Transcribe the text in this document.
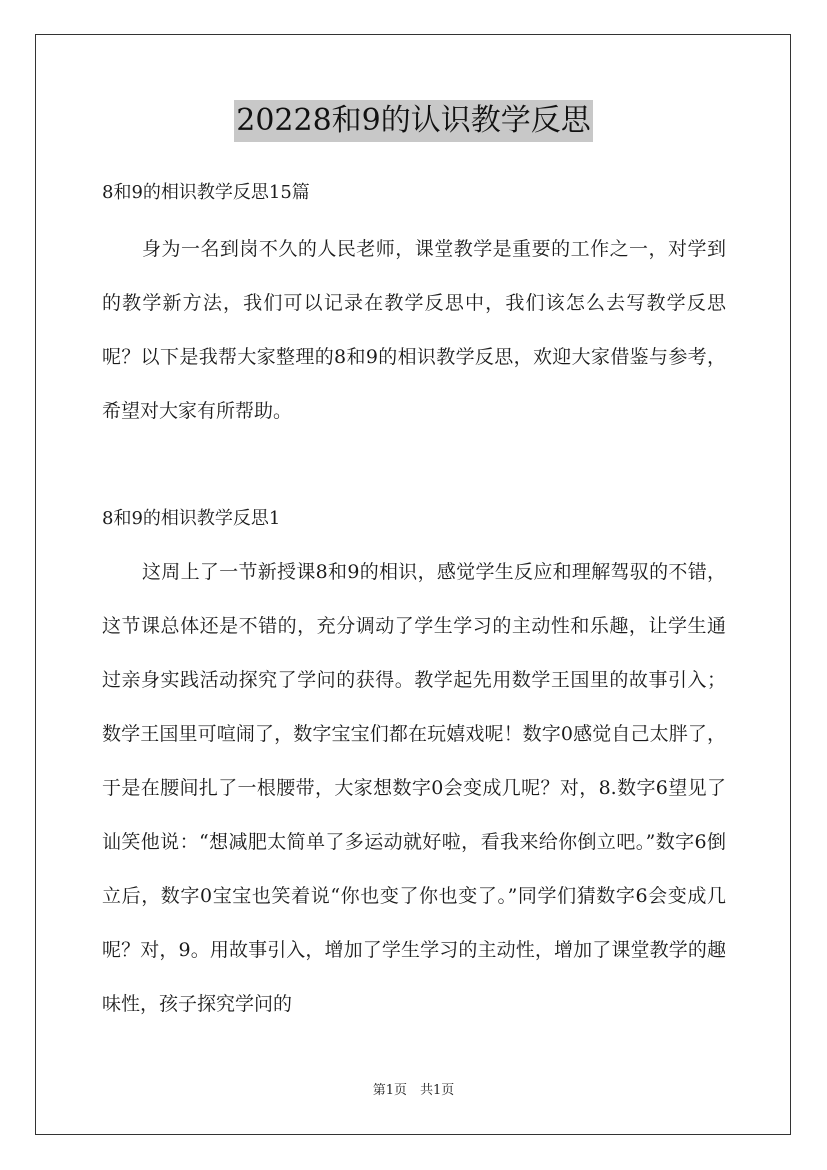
20228和9的认识教学反思
8和9的相识教学反思15篇

身为一名到岗不久的人民老师，课堂教学是重要的工作之一，对学到的教学新方法，我们可以记录在教学反思中，我们该怎么去写教学反思呢？以下是我帮大家整理的8和9的相识教学反思，欢迎大家借鉴与参考，希望对大家有所帮助。

8和9的相识教学反思1

这周上了一节新授课8和9的相识，感觉学生反应和理解驾驭的不错，这节课总体还是不错的，充分调动了学生学习的主动性和乐趣，让学生通过亲身实践活动探究了学问的获得。教学起先用数学王国里的故事引入；数学王国里可喧闹了，数字宝宝们都在玩嬉戏呢！数字0感觉自己太胖了，于是在腰间扎了一根腰带，大家想数字0会变成几呢？对，8.数字6望见了讪笑他说：“想减肥太简单了多运动就好啦，看我来给你倒立吧。”数字6倒立后，数字0宝宝也笑着说“你也变了你也变了。”同学们猜数字6会变成几呢？对，9。用故事引入，增加了学生学习的主动性，增加了课堂教学的趣味性，孩子探究学问的

第1页　共1页
